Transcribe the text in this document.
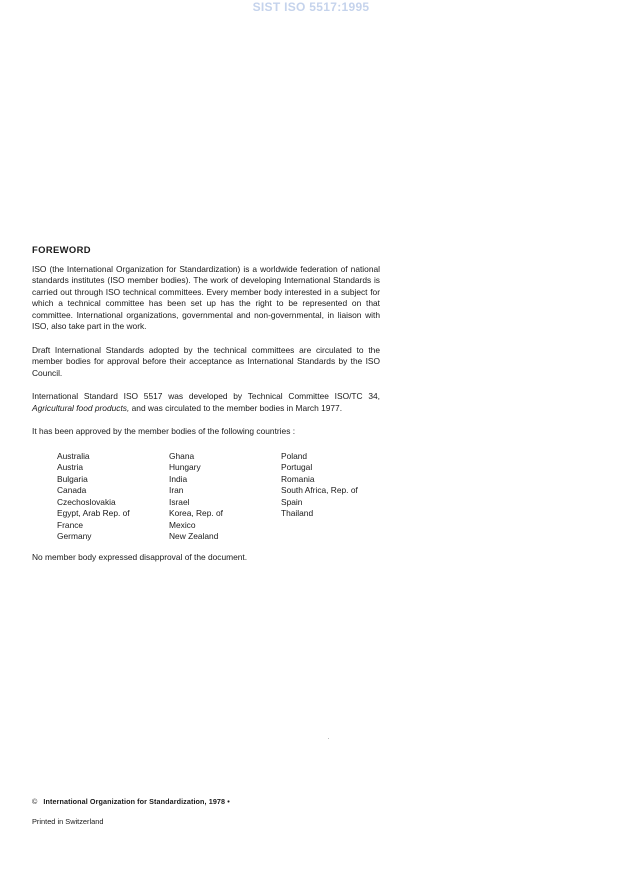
SIST ISO 5517:1995
FOREWORD

ISO (the International Organization for Standardization) is a worldwide federation of national standards institutes (ISO member bodies). The work of developing International Standards is carried out through ISO technical committees. Every member body interested in a subject for which a technical committee has been set up has the right to be represented on that committee. International organizations, governmental and non-governmental, in liaison with ISO, also take part in the work.

Draft International Standards adopted by the technical committees are circulated to the member bodies for approval before their acceptance as International Standards by the ISO Council.

International Standard ISO 5517 was developed by Technical Committee ISO/TC 34, Agricultural food products, and was circulated to the member bodies in March 1977.

It has been approved by the member bodies of the following countries :
Australia
Austria
Bulgaria
Canada
Czechoslovakia
Egypt, Arab Rep. of
France
Germany
Ghana
Hungary
India
Iran
Israel
Korea, Rep. of
Mexico
New Zealand
Poland
Portugal
Romania
South Africa, Rep. of
Spain
Thailand
No member body expressed disapproval of the document.
© International Organization for Standardization, 1978 •
Printed in Switzerland
